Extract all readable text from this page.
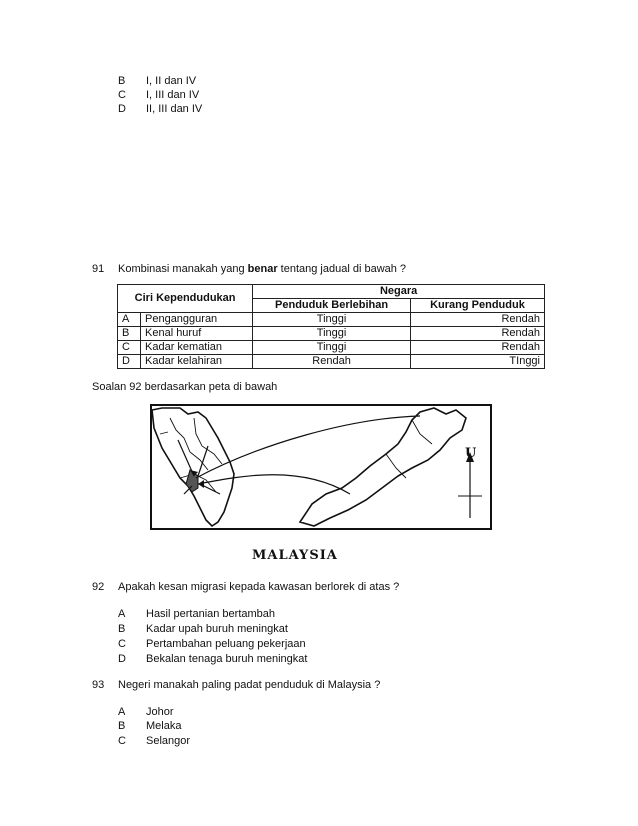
B	I, II dan IV
C	I, III dan IV
D	II, III dan IV
91 Kombinasi manakah yang benar tentang jadual di bawah ?
Ciri Kependudukan		Negara	
		Penduduk Berlebihan	Kurang Penduduk
A	Pengangguran	Tinggi	Rendah
B	Kenal huruf	Tinggi	Rendah
C	Kadar kematian	Tinggi	Rendah
D	Kadar kelahiran	Rendah	TInggi
Soalan 92 berdasarkan peta di bawah
U
MALAYSIA
92 Apakah kesan migrasi kepada kawasan berlorek di atas ?
A	Hasil pertanian bertambah
B	Kadar upah buruh meningkat
C	Pertambahan peluang pekerjaan
D	Bekalan tenaga buruh meningkat
93 Negeri manakah paling padat penduduk di Malaysia ?
A	Johor
B	Melaka
C	Selangor
